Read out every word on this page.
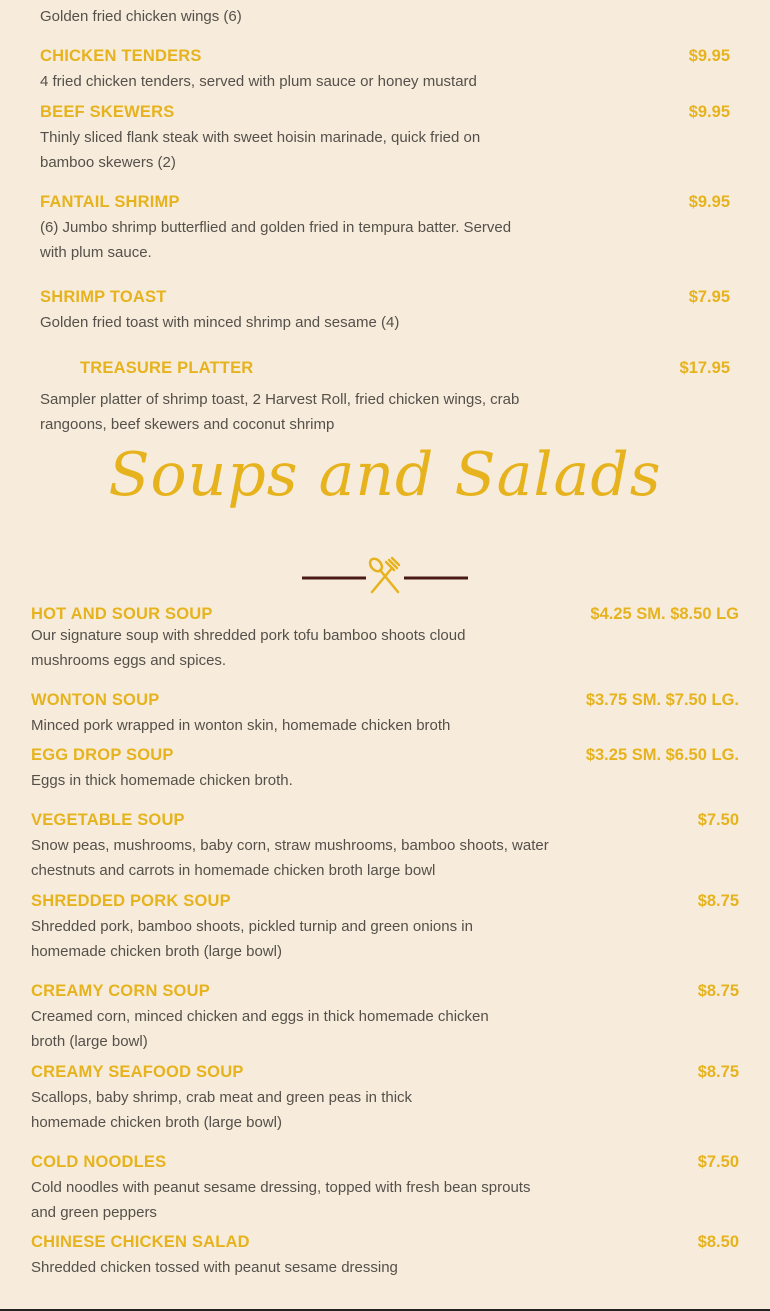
Golden fried chicken wings (6)
CHICKEN TENDERS	$9.95
4 fried chicken tenders, served with plum sauce or honey mustard
BEEF SKEWERS	$9.95
Thinly sliced flank steak with sweet hoisin marinade, quick fried on bamboo skewers (2)
FANTAIL SHRIMP	$9.95
(6) Jumbo shrimp butterflied and golden fried in tempura batter. Served with plum sauce.
SHRIMP TOAST	$7.95
Golden fried toast with minced shrimp and sesame (4)
TREASURE PLATTER	$17.95
Sampler platter of shrimp toast, 2 Harvest Roll, fried chicken wings, crab rangoons, beef skewers and coconut shrimp
Soups and Salads
HOT AND SOUR SOUP	$4.25 SM. $8.50 LG
Our signature soup with shredded pork tofu bamboo shoots cloud mushrooms eggs and spices.
WONTON SOUP	$3.75 SM. $7.50 LG.
Minced pork wrapped in wonton skin, homemade chicken broth
EGG DROP SOUP	$3.25 SM. $6.50 LG.
Eggs in thick homemade chicken broth.
VEGETABLE SOUP	$7.50
Snow peas, mushrooms, baby corn, straw mushrooms, bamboo shoots, water chestnuts and carrots in homemade chicken broth large bowl
SHREDDED PORK SOUP	$8.75
Shredded pork, bamboo shoots, pickled turnip and green onions in homemade chicken broth (large bowl)
CREAMY CORN SOUP	$8.75
Creamed corn, minced chicken and eggs in thick homemade chicken broth (large bowl)
CREAMY SEAFOOD SOUP	$8.75
Scallops, baby shrimp, crab meat and green peas in thick homemade chicken broth (large bowl)
COLD NOODLES	$7.50
Cold noodles with peanut sesame dressing, topped with fresh bean sprouts and green peppers
CHINESE CHICKEN SALAD	$8.50
Shredded chicken tossed with peanut sesame dressing
